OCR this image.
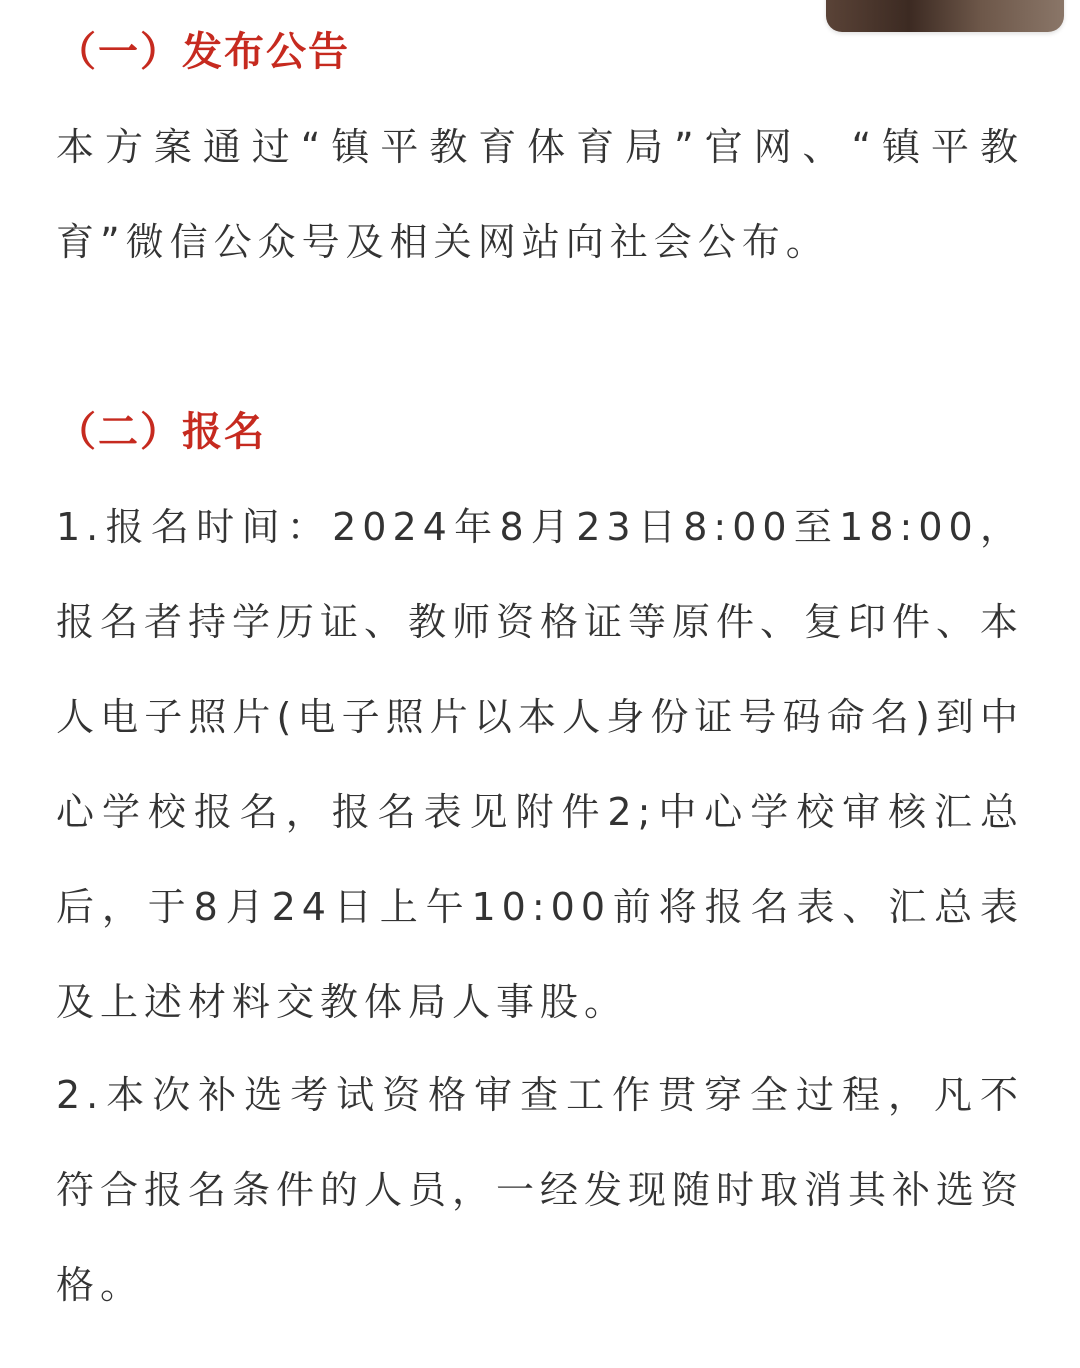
（一）发布公告

本方案通过“镇平教育体育局”官网、“镇平教育”微信公众号及相关网站向社会公布。

（二）报名

1.报名时间：2024年8月23日8:00至18:00，报名者持学历证、教师资格证等原件、复印件、本人电子照片(电子照片以本人身份证号码命名)到中心学校报名，报名表见附件2;中心学校审核汇总后，于8月24日上午10:00前将报名表、汇总表及上述材料交教体局人事股。

2.本次补选考试资格审查工作贯穿全过程，凡不符合报名条件的人员，一经发现随时取消其补选资格。
